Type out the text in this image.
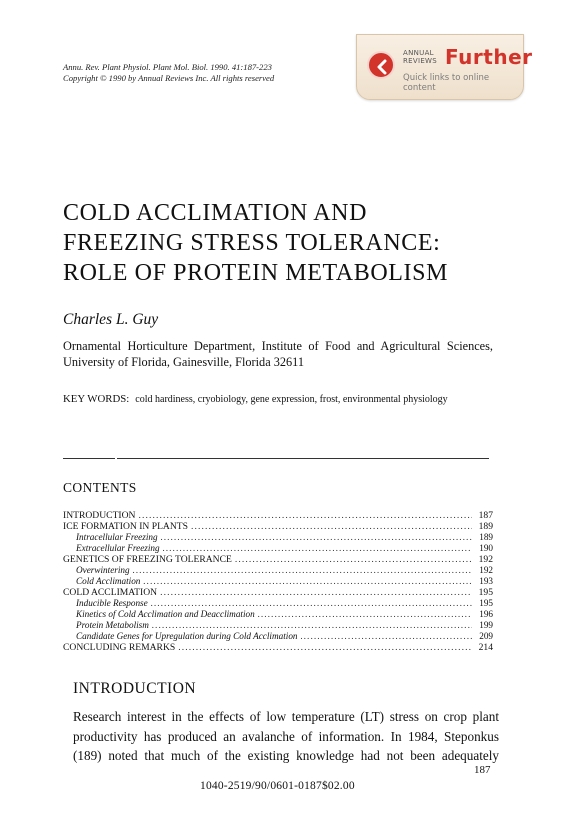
Annu. Rev. Plant Physiol. Plant Mol. Biol. 1990. 41:187-223
Copyright © 1990 by Annual Reviews Inc. All rights reserved
ANNUAL
REVIEWS Further
Quick links to online content
COLD ACCLIMATION AND
FREEZING STRESS TOLERANCE:
ROLE OF PROTEIN METABOLISM
Charles L. Guy
Ornamental Horticulture Department, Institute of Food and Agricultural Sciences, University of Florida, Gainesville, Florida 32611
KEY WORDS: cold hardiness, cryobiology, gene expression, frost, environmental physiology
CONTENTS
INTRODUCTION .....	187
ICE FORMATION IN PLANTS .....	189
Intracellular Freezing .....	189
Extracellular Freezing .....	190
GENETICS OF FREEZING TOLERANCE .....	192
Overwintering .....	192
Cold Acclimation .....	193
COLD ACCLIMATION .....	195
Inducible Response .....	195
Kinetics of Cold Acclimation and Deacclimation .....	196
Protein Metabolism .....	199
Candidate Genes for Upregulation during Cold Acclimation .....	209
CONCLUDING REMARKS .....	214
INTRODUCTION
Research interest in the effects of low temperature (LT) stress on crop plant
productivity has produced an avalanche of information. In 1984, Steponkus
(189) noted that much of the existing knowledge had not been adequately
187
1040-2519/90/0601-0187$02.00
